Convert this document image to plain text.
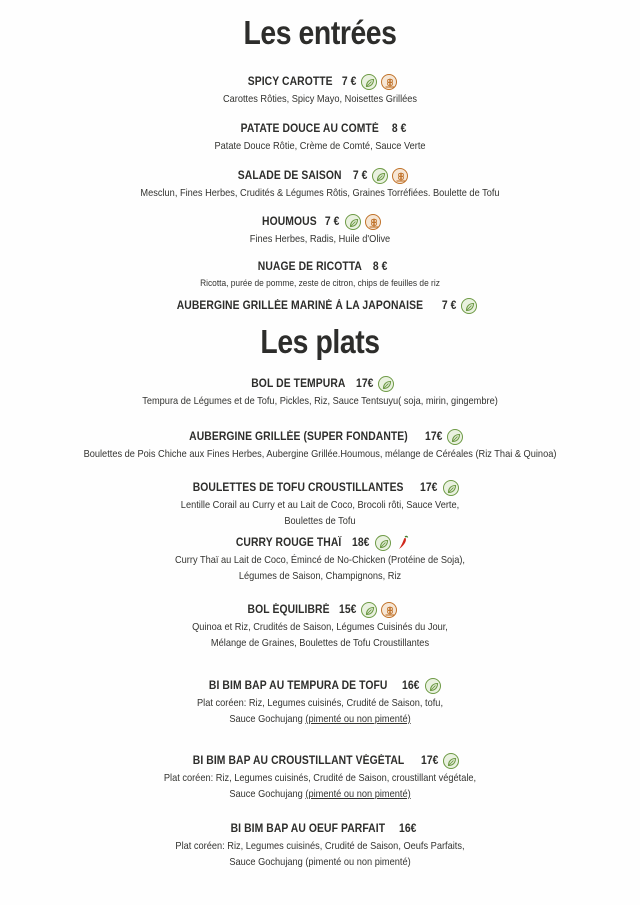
Les entrées
SPICY CAROTTE 7 €
Carottes Rôties, Spicy Mayo, Noisettes Grillées
PATATE DOUCE AU COMTÉ 8 €
Patate Douce Rôtie, Crème de Comté, Sauce Verte
SALADE DE SAISON 7 €
Mesclun, Fines Herbes, Crudités & Légumes Rôtis, Graines Torréfiées. Boulette de Tofu
HOUMOUS 7 €
Fines Herbes, Radis, Huile d'Olive
NUAGE DE RICOTTA 8 €
Ricotta, purée de pomme, zeste de citron, chips de feuilles de riz
AUBERGINE GRILLÉE MARINÉ À LA JAPONAISE 7 €
Les plats
BOL DE TEMPURA 17€
Tempura de Légumes et de Tofu, Pickles, Riz, Sauce Tentsuyu( soja, mirin, gingembre)
AUBERGINE GRILLÉE (SUPER FONDANTE) 17€
Boulettes de Pois Chiche aux Fines Herbes, Aubergine Grillée.Houmous, mélange de Céréales (Riz Thai & Quinoa)
BOULETTES DE TOFU CROUSTILLANTES 17€
Lentille Corail au Curry et au Lait de Coco, Brocoli rôti, Sauce Verte,
Boulettes de Tofu
CURRY ROUGE THAÏ 18€
Curry Thaï au Lait de Coco, Émincé de No-Chicken (Protéine de Soja),
Légumes de Saison, Champignons, Riz
BOL ÉQUILIBRÉ 15€
Quinoa et Riz, Crudités de Saison, Légumes Cuisinés du Jour,
Mélange de Graines, Boulettes de Tofu Croustillantes
BI BIM BAP AU TEMPURA DE TOFU 16€
Plat coréen: Riz, Legumes cuisinés, Crudité de Saison, tofu,
Sauce Gochujang (pimenté ou non pimenté)
BI BIM BAP AU CROUSTILLANT VÉGÉTAL 17€
Plat coréen: Riz, Legumes cuisinés, Crudité de Saison, croustillant végétale,
Sauce Gochujang (pimenté ou non pimenté)
BI BIM BAP AU OEUF PARFAIT 16€
Plat coréen: Riz, Legumes cuisinés, Crudité de Saison, Oeufs Parfaits,
Sauce Gochujang (pimenté ou non pimenté)
